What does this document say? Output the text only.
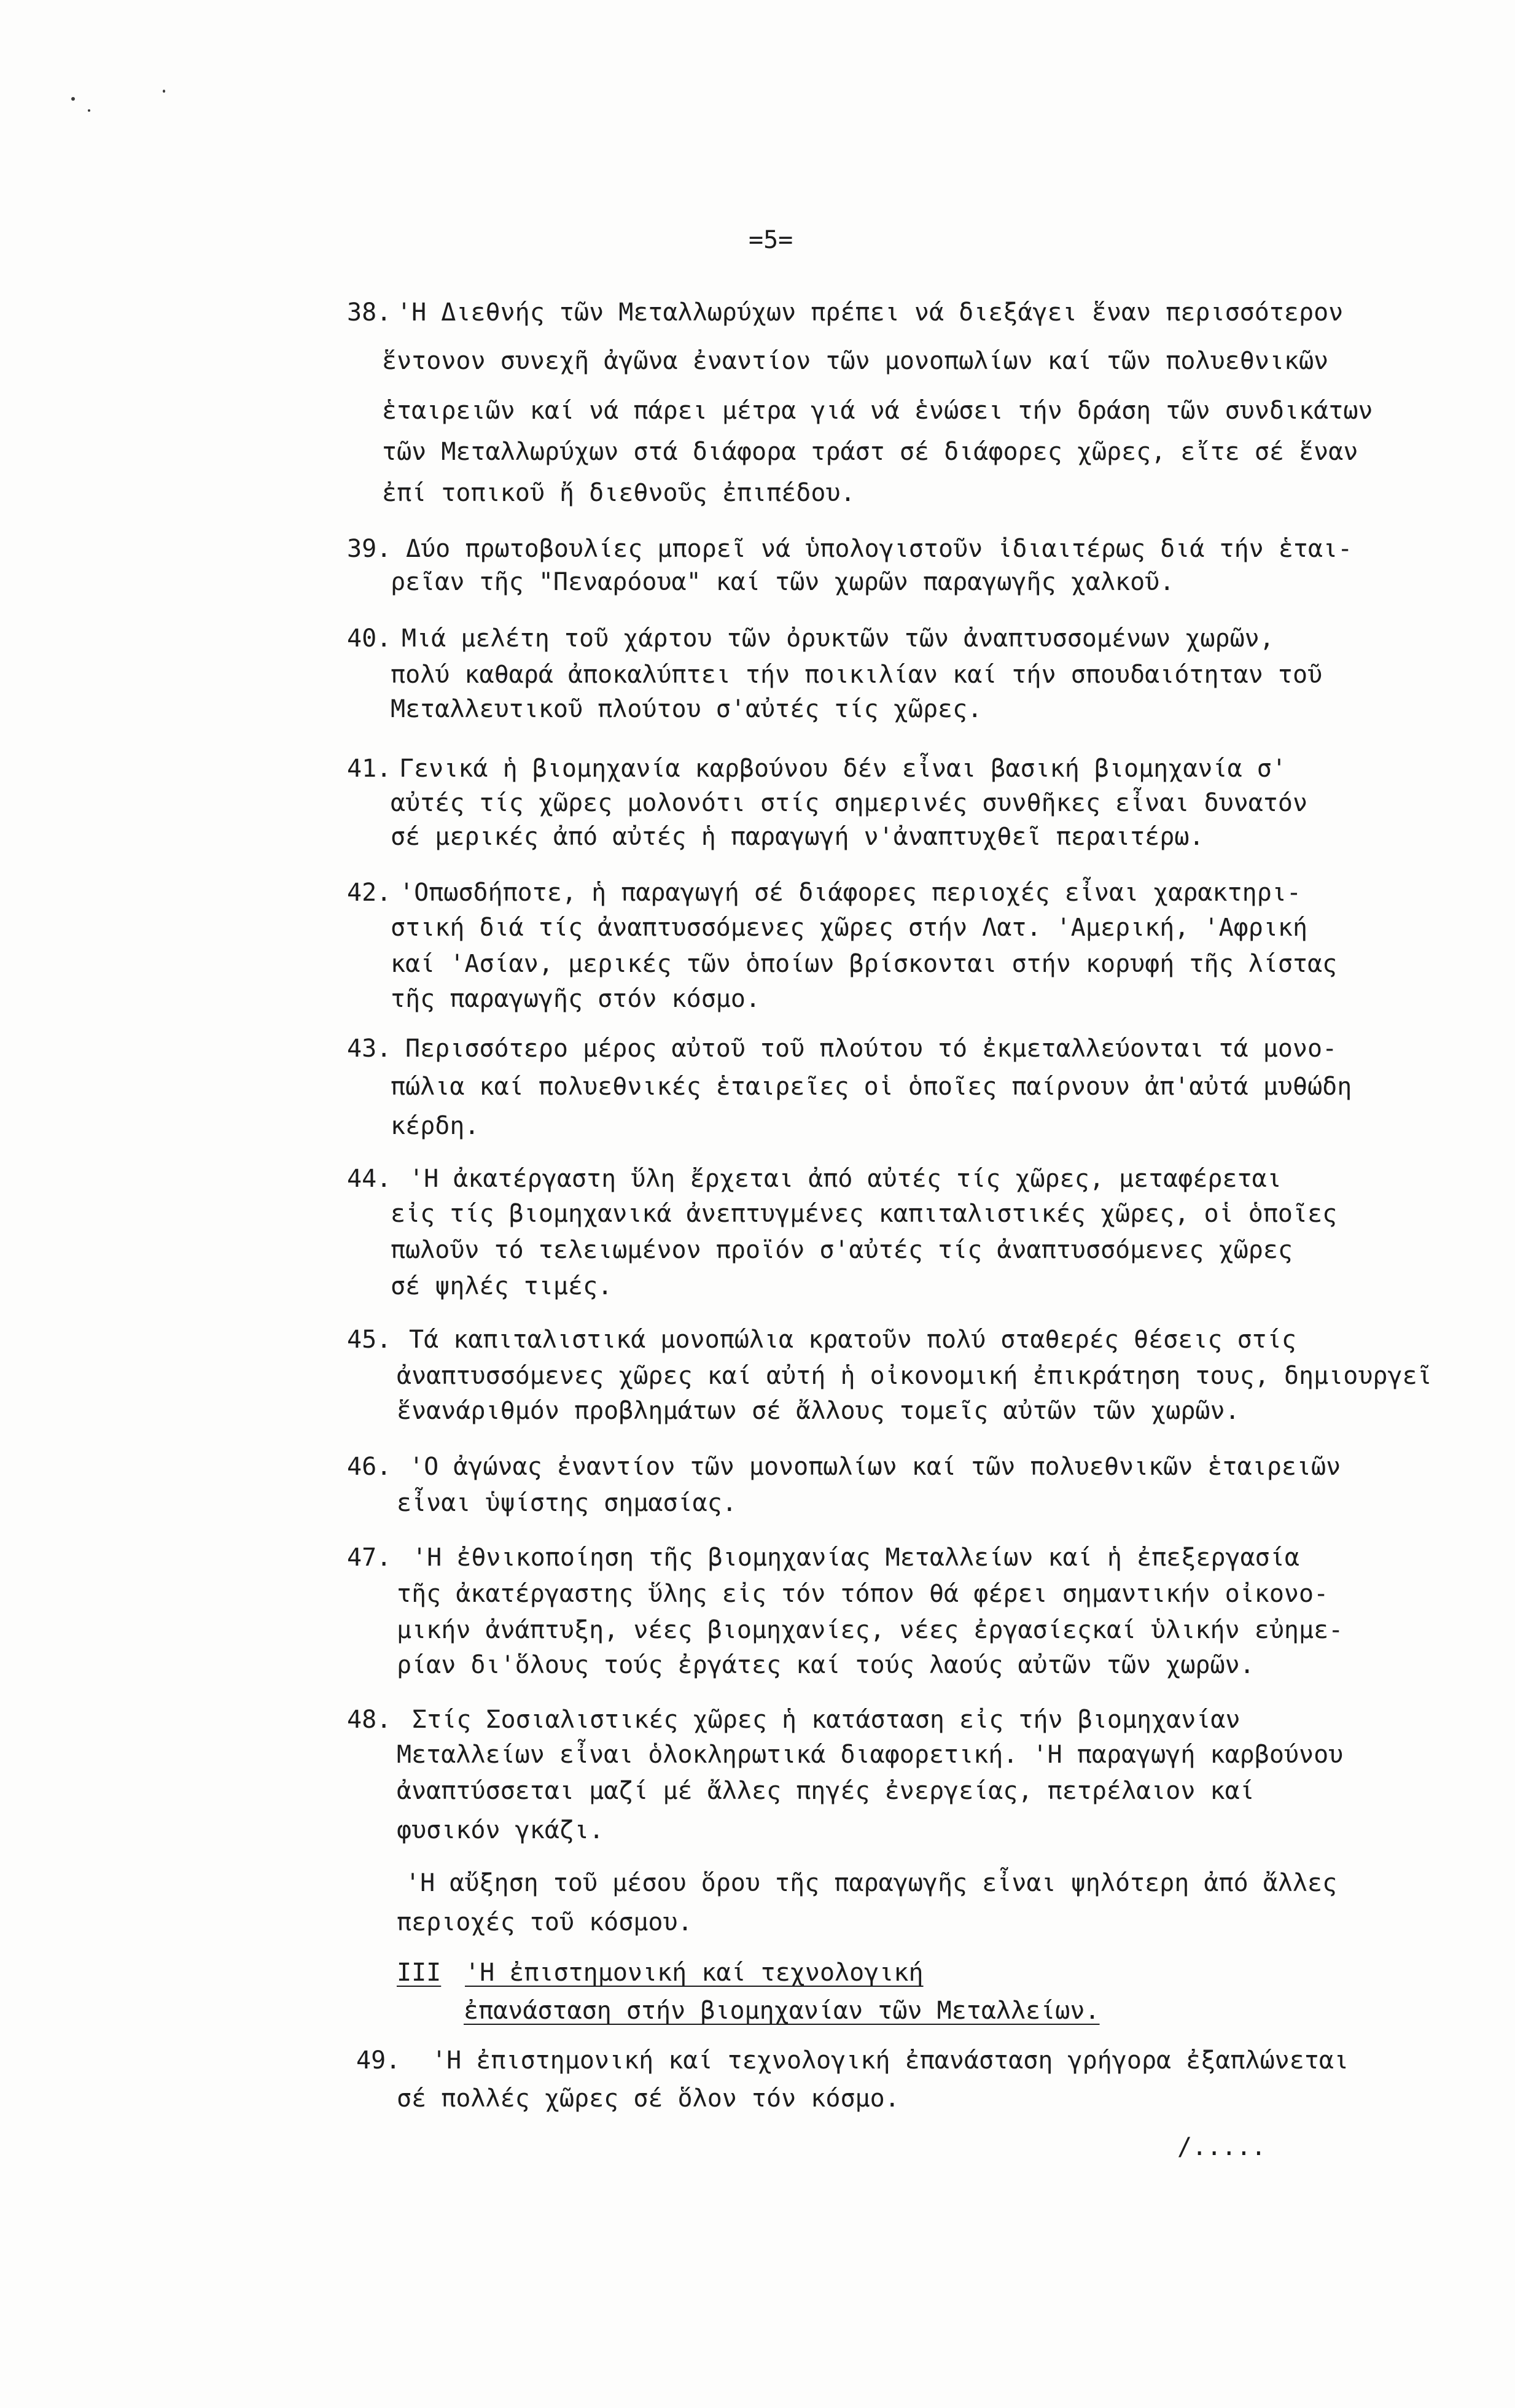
=5=
38. 'Η Διεθνής τῶν Μεταλλωρύχων πρέπει νά διεξάγει ἕναν περισσότερον
ἕντονον συνεχῆ ἀγῶνα ἐναντίον τῶν μονοπωλίων καί τῶν πολυεθνικῶν
ἑταιρειῶν καί νά πάρει μέτρα γιά νά ἑνώσει τήν δράση τῶν συνδικάτων
τῶν Μεταλλωρύχων στά διάφορα τράστ σέ διάφορες χῶρες, εἴτε σέ ἕναν
ἐπί τοπικοῦ ἤ διεθνοῦς ἐπιπέδου.
39. Δύο πρωτοβουλίες μπορεῖ νά ὑπολογιστοῦν ἰδιαιτέρως διά τήν ἑται-
ρεῖαν τῆς "Πεναρόουα" καί τῶν χωρῶν παραγωγῆς χαλκοῦ.
40. Μιά μελέτη τοῦ χάρτου τῶν ὀρυκτῶν τῶν ἀναπτυσσομένων χωρῶν,
πολύ καθαρά ἀποκαλύπτει τήν ποικιλίαν καί τήν σπουδαιότηταν τοῦ
Μεταλλευτικοῦ πλούτου σ'αὐτές τίς χῶρες.
41. Γενικά ἡ βιομηχανία καρβούνου δέν εἶναι βασική βιομηχανία σ'
αὐτές τίς χῶρες μολονότι στίς σημερινές συνθῆκες εἶναι δυνατόν
σέ μερικές ἀπό αὐτές ἡ παραγωγή ν'ἀναπτυχθεῖ περαιτέρω.
42. 'Οπωσδήποτε, ἡ παραγωγή σέ διάφορες περιοχές εἶναι χαρακτηρι-
στική διά τίς ἀναπτυσσόμενες χῶρες στήν Λατ. 'Αμερική, 'Αφρική
καί 'Ασίαν, μερικές τῶν ὁποίων βρίσκονται στήν κορυφή τῆς λίστας
τῆς παραγωγῆς στόν κόσμο.
43. Περισσότερο μέρος αὐτοῦ τοῦ πλούτου τό ἐκμεταλλεύονται τά μονο-
πώλια καί πολυεθνικές ἑταιρεῖες οἱ ὁποῖες παίρνουν ἀπ'αὐτά μυθώδη
κέρδη.
44. 'Η ἀκατέργαστη ὕλη ἔρχεται ἀπό αὐτές τίς χῶρες, μεταφέρεται
εἰς τίς βιομηχανικά ἀνεπτυγμένες καπιταλιστικές χῶρες, οἱ ὁποῖες
πωλοῦν τό τελειωμένον προϊόν σ'αὐτές τίς ἀναπτυσσόμενες χῶρες
σέ ψηλές τιμές.
45. Τά καπιταλιστικά μονοπώλια κρατοῦν πολύ σταθερές θέσεις στίς
ἀναπτυσσόμενες χῶρες καί αὐτή ἡ οἰκονομική ἐπικράτηση τους, δημιουργεῖ
ἕνανάριθμόν προβλημάτων σέ ἄλλους τομεῖς αὐτῶν τῶν χωρῶν.
46. 'Ο ἀγώνας ἐναντίον τῶν μονοπωλίων καί τῶν πολυεθνικῶν ἑταιρειῶν
εἶναι ὑψίστης σημασίας.
47. 'Η ἐθνικοποίηση τῆς βιομηχανίας Μεταλλείων καί ἡ ἐπεξεργασία
τῆς ἀκατέργαστης ὕλης εἰς τόν τόπον θά φέρει σημαντικήν οἰκονο-
μικήν ἀνάπτυξη, νέες βιομηχανίες, νέες ἐργασίεςκαί ὑλικήν εὐημε-
ρίαν δι'ὅλους τούς ἐργάτες καί τούς λαούς αὐτῶν τῶν χωρῶν.
48. Στίς Σοσιαλιστικές χῶρες ἡ κατάσταση εἰς τήν βιομηχανίαν
Μεταλλείων εἶναι ὁλοκληρωτικά διαφορετική. 'Η παραγωγή καρβούνου
ἀναπτύσσεται μαζί μέ ἄλλες πηγές ἐνεργείας, πετρέλαιον καί
φυσικόν γκάζι.
'Η αὔξηση τοῦ μέσου ὅρου τῆς παραγωγῆς εἶναι ψηλότερη ἀπό ἄλλες
περιοχές τοῦ κόσμου.
III 'Η ἐπιστημονική καί τεχνολογική
ἐπανάσταση στήν βιομηχανίαν τῶν Μεταλλείων.
49. 'Η ἐπιστημονική καί τεχνολογική ἐπανάσταση γρήγορα ἐξαπλώνεται
σέ πολλές χῶρες σέ ὅλον τόν κόσμο.
/.....
